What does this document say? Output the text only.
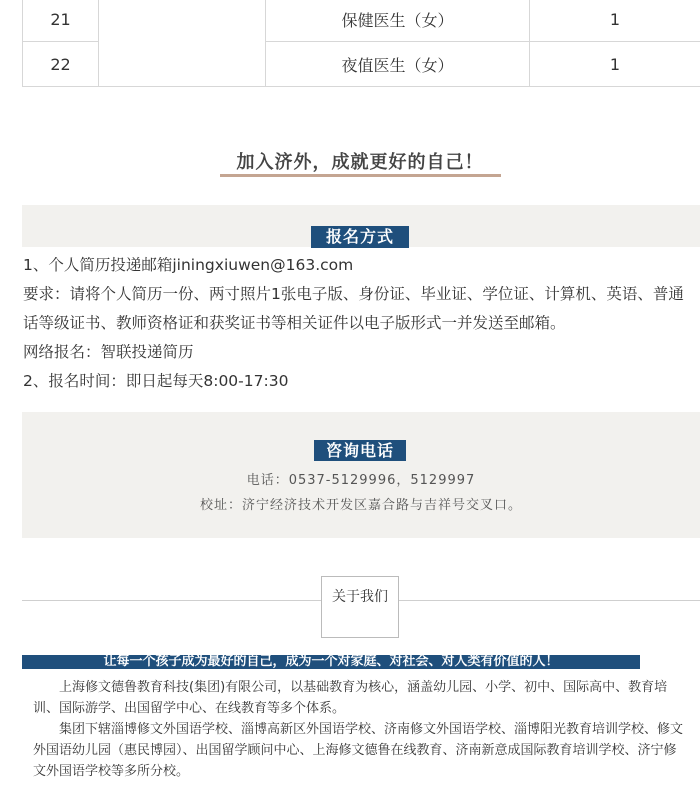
21		保健医生（女）	1
22		夜值医生（女）	1
加入济外，成就更好的自己！
报名方式

1、个人简历投递邮箱jiningxiuwen@163.com

要求：请将个人简历一份、两寸照片1张电子版、身份证、毕业证、学位证、计算机、英语、普通话等级证书、教师资格证和获奖证书等相关证件以电子版形式一并发送至邮箱。

网络报名：智联投递简历

2、报名时间：即日起每天8:00-17:30

咨询电话
电话：0537-5129996，5129997
校址：济宁经济技术开发区嘉合路与吉祥号交叉口。
关于我们
让每一个孩子成为最好的自己，成为一个对家庭、对社会、对人类有价值的人！

上海修文德鲁教育科技(集团)有限公司，以基础教育为核心，涵盖幼儿园、小学、初中、国际高中、教育培训、国际游学、出国留学中心、在线教育等多个体系。

集团下辖淄博修文外国语学校、淄博高新区外国语学校、济南修文外国语学校、淄博阳光教育培训学校、修文外国语幼儿园（惠民博园）、出国留学顾问中心、上海修文德鲁在线教育、济南新意成国际教育培训学校、济宁修文外国语学校等多所分校。
